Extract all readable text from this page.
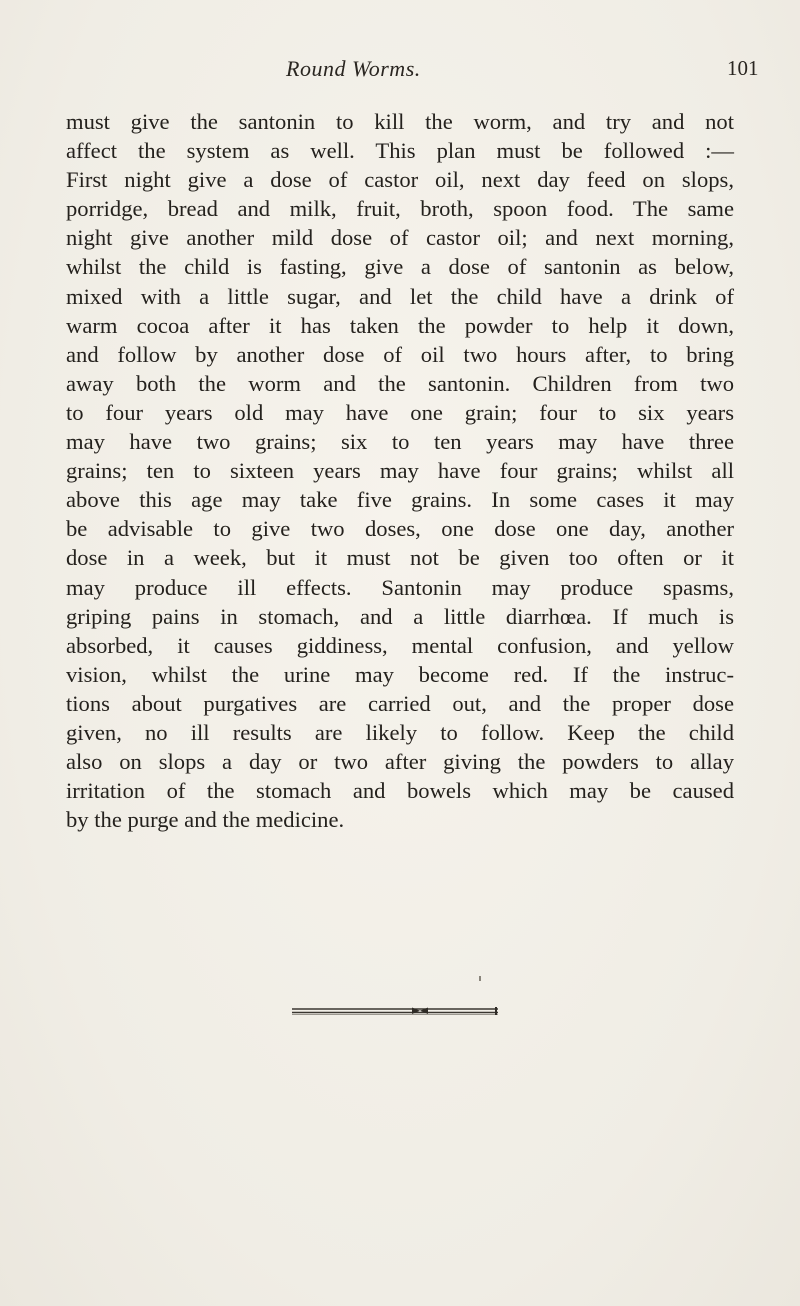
Round Worms.	101
must give the santonin to kill the worm, and try and not
affect the system as well. This plan must be followed :—
First night give a dose of castor oil, next day feed on slops,
porridge, bread and milk, fruit, broth, spoon food. The same
night give another mild dose of castor oil; and next morning,
whilst the child is fasting, give a dose of santonin as below,
mixed with a little sugar, and let the child have a drink of
warm cocoa after it has taken the powder to help it down,
and follow by another dose of oil two hours after, to bring
away both the worm and the santonin. Children from two
to four years old may have one grain; four to six years
may have two grains; six to ten years may have three
grains; ten to sixteen years may have four grains; whilst all
above this age may take five grains. In some cases it may
be advisable to give two doses, one dose one day, another
dose in a week, but it must not be given too often or it
may produce ill effects. Santonin may produce spasms,
griping pains in stomach, and a little diarrhœa. If much is
absorbed, it causes giddiness, mental confusion, and yellow
vision, whilst the urine may become red. If the instruc-
tions about purgatives are carried out, and the proper dose
given, no ill results are likely to follow. Keep the child
also on slops a day or two after giving the powders to allay
irritation of the stomach and bowels which may be caused
by the purge and the medicine.
